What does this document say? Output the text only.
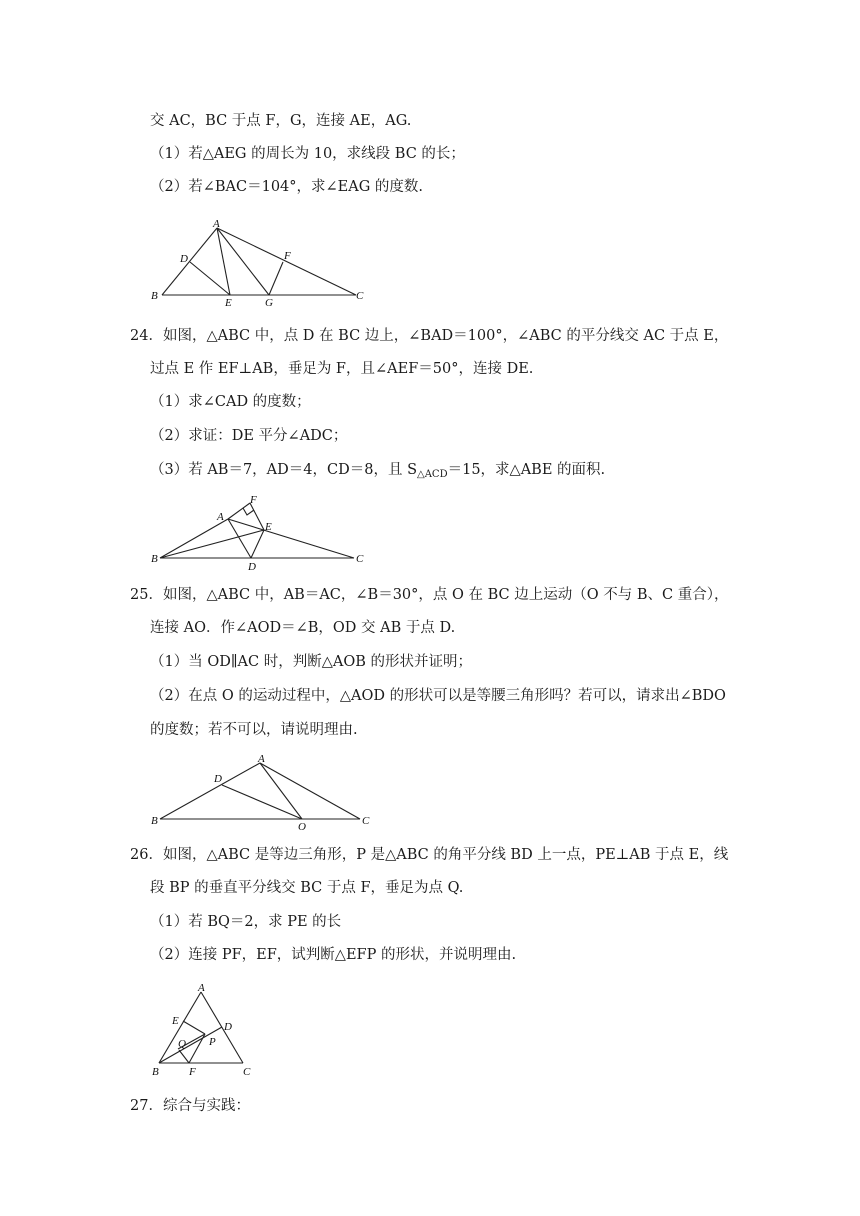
交 AC，BC 于点 F，G，连接 AE，AG.
（1）若△AEG 的周长为 10，求线段 BC 的长；
（2）若∠BAC＝104°，求∠EAG 的度数.
A
D	F
B
E	G
C
24．如图，△ABC 中，点 D 在 BC 边上，∠BAD＝100°，∠ABC 的平分线交 AC 于点 E，
过点 E 作 EF⊥AB，垂足为 F，且∠AEF＝50°，连接 DE.
（1）求∠CAD 的度数；
（2）求证：DE 平分∠ADC；
（3）若 AB＝7，AD＝4，CD＝8，且 $S_{\triangle ACD}=15$，求△ABE 的面积.
A
F
E
B
D
C
25．如图，△ABC 中，AB＝AC，∠B＝30°，点 O 在 BC 边上运动（O 不与 B、C 重合），
连接 AO．作∠AOD＝∠B，OD 交 AB 于点 D.
（1）当 OD∥AC 时，判断△AOB 的形状并证明；
（2）在点 O 的运动过程中，△AOD 的形状可以是等腰三角形吗？若可以，请求出∠BDO
的度数；若不可以，请说明理由.
A
D
B	O	C
26．如图，△ABC 是等边三角形，P 是△ABC 的角平分线 BD 上一点，PE⊥AB 于点 E，线
段 BP 的垂直平分线交 BC 于点 F，垂足为点 Q.
（1）若 BQ＝2，求 PE 的长
（2）连接 PF，EF，试判断△EFP 的形状，并说明理由.
A
E	D
P
Q
B	F	C
27．综合与实践：
